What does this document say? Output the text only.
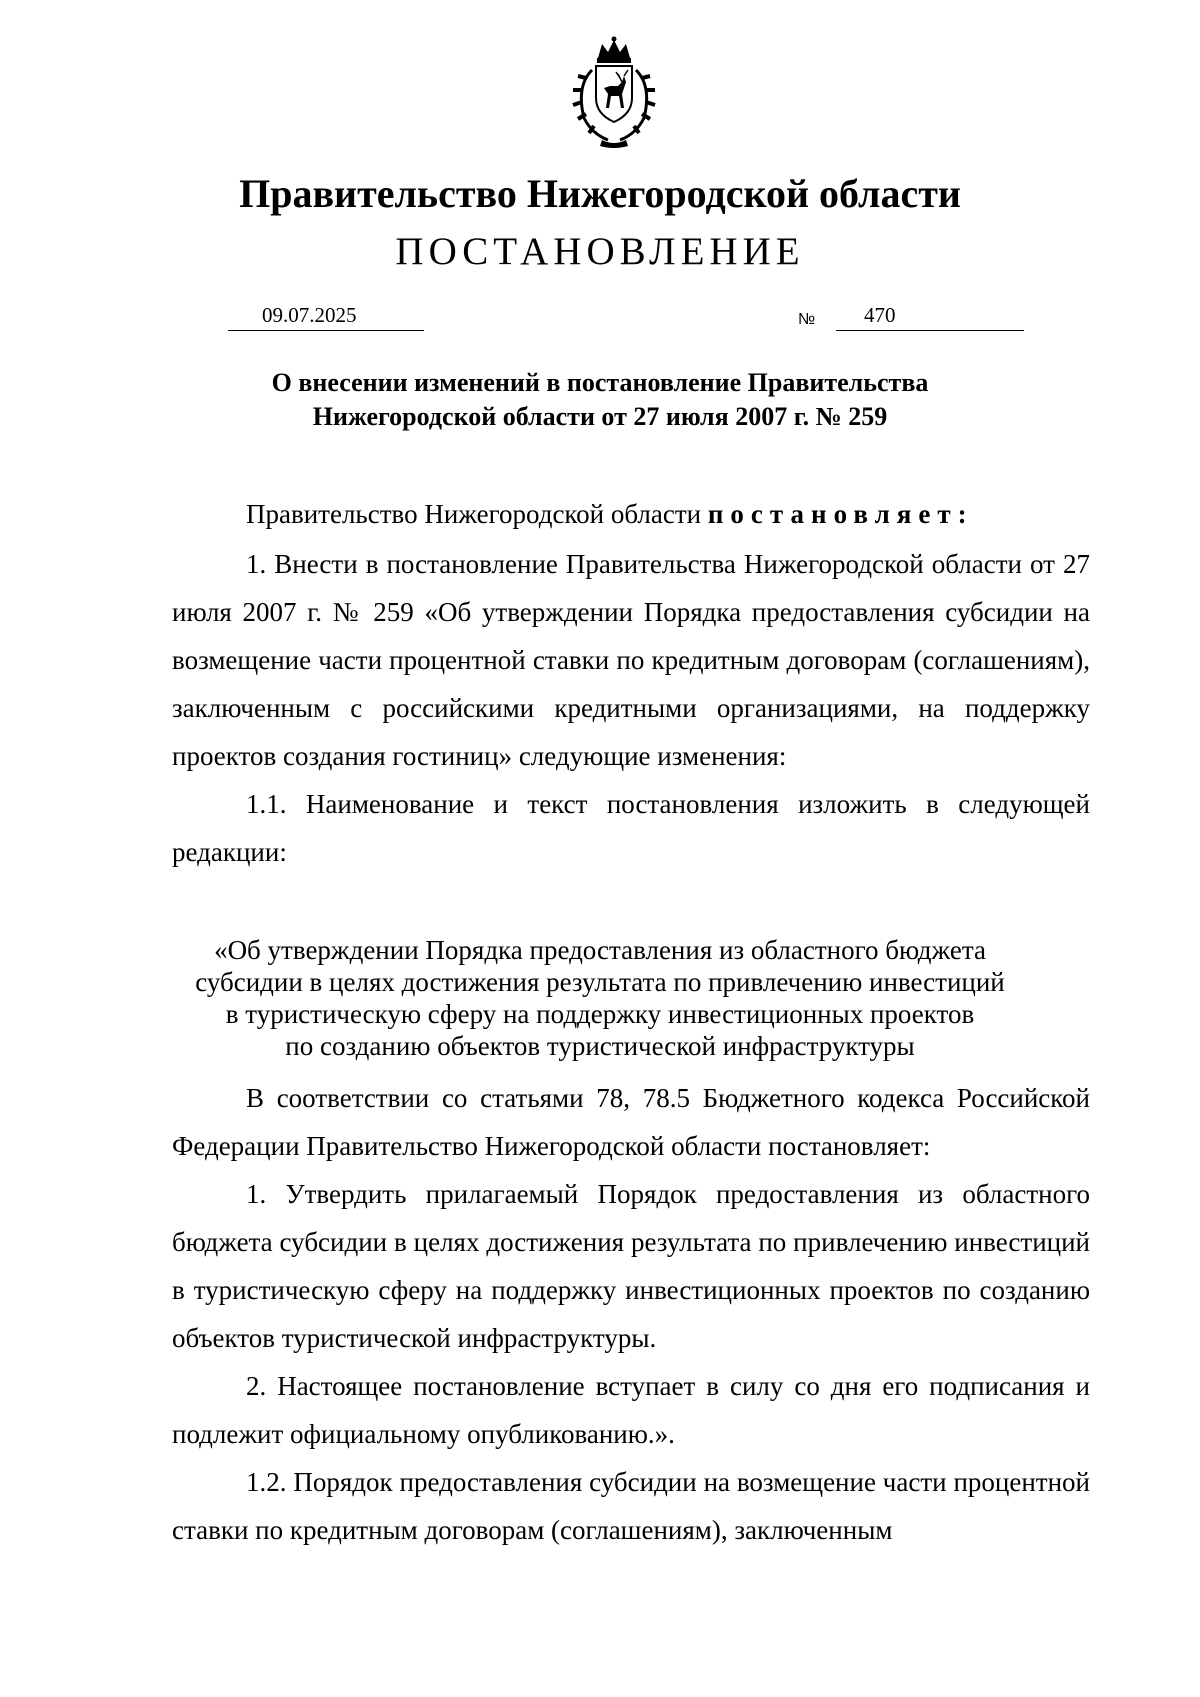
Правительство Нижегородской области
ПОСТАНОВЛЕНИЕ
09.07.2025	№ 470
О внесении изменений в постановление Правительства
Нижегородской области от 27 июля 2007 г. № 259

Правительство Нижегородской области постановляет:

1. Внести в постановление Правительства Нижегородской области от 27 июля 2007 г. № 259 «Об утверждении Порядка предоставления субсидии на возмещение части процентной ставки по кредитным договорам (соглашениям), заключенным с российскими кредитными организациями, на поддержку проектов создания гостиниц» следующие изменения:

1.1. Наименование и текст постановления изложить в следующей редакции:

«Об утверждении Порядка предоставления из областного бюджета
субсидии в целях достижения результата по привлечению инвестиций
в туристическую сферу на поддержку инвестиционных проектов
по созданию объектов туристической инфраструктуры

В соответствии со статьями 78, 78.5 Бюджетного кодекса Российской Федерации Правительство Нижегородской области постановляет:

1. Утвердить прилагаемый Порядок предоставления из областного бюджета субсидии в целях достижения результата по привлечению инвестиций в туристическую сферу на поддержку инвестиционных проектов по созданию объектов туристической инфраструктуры.

2. Настоящее постановление вступает в силу со дня его подписания и подлежит официальному опубликованию.».

1.2. Порядок предоставления субсидии на возмещение части процентной ставки по кредитным договорам (соглашениям), заключенным
